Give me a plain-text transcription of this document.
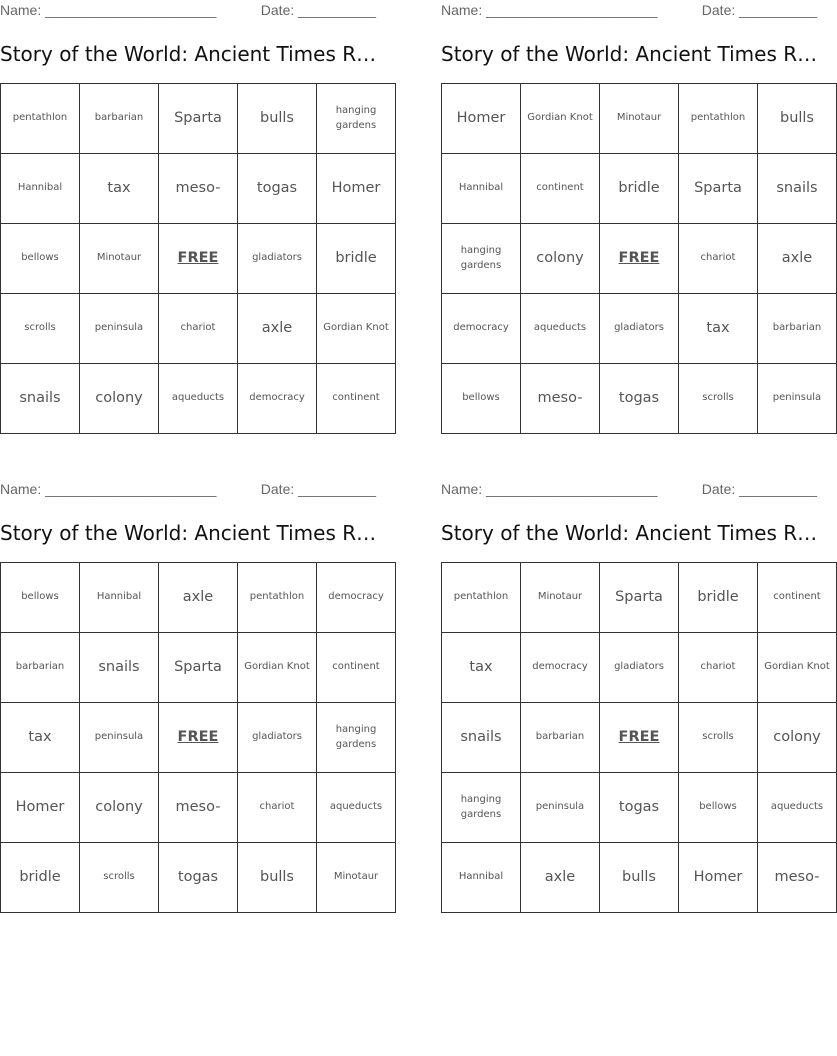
Name: ______________________	Date: __________
Story of the World: Ancient Times R…
pentathlon	barbarian	Sparta	bulls	hanging gardens
Hannibal	tax	meso-	togas	Homer
bellows	Minotaur	FREE	gladiators	bridle
scrolls	peninsula	chariot	axle	Gordian Knot
snails	colony	aqueducts	democracy	continent
Name: ______________________	Date: __________
Story of the World: Ancient Times R…
Homer	Gordian Knot	Minotaur	pentathlon	bulls
Hannibal	continent	bridle	Sparta	snails
hanging gardens	colony	FREE	chariot	axle
democracy	aqueducts	gladiators	tax	barbarian
bellows	meso-	togas	scrolls	peninsula
Name: ______________________	Date: __________
Story of the World: Ancient Times R…
bellows	Hannibal	axle	pentathlon	democracy
barbarian	snails	Sparta	Gordian Knot	continent
tax	peninsula	FREE	gladiators	hanging gardens
Homer	colony	meso-	chariot	aqueducts
bridle	scrolls	togas	bulls	Minotaur
Name: ______________________	Date: __________
Story of the World: Ancient Times R…
pentathlon	Minotaur	Sparta	bridle	continent
tax	democracy	gladiators	chariot	Gordian Knot
snails	barbarian	FREE	scrolls	colony
hanging gardens	peninsula	togas	bellows	aqueducts
Hannibal	axle	bulls	Homer	meso-
